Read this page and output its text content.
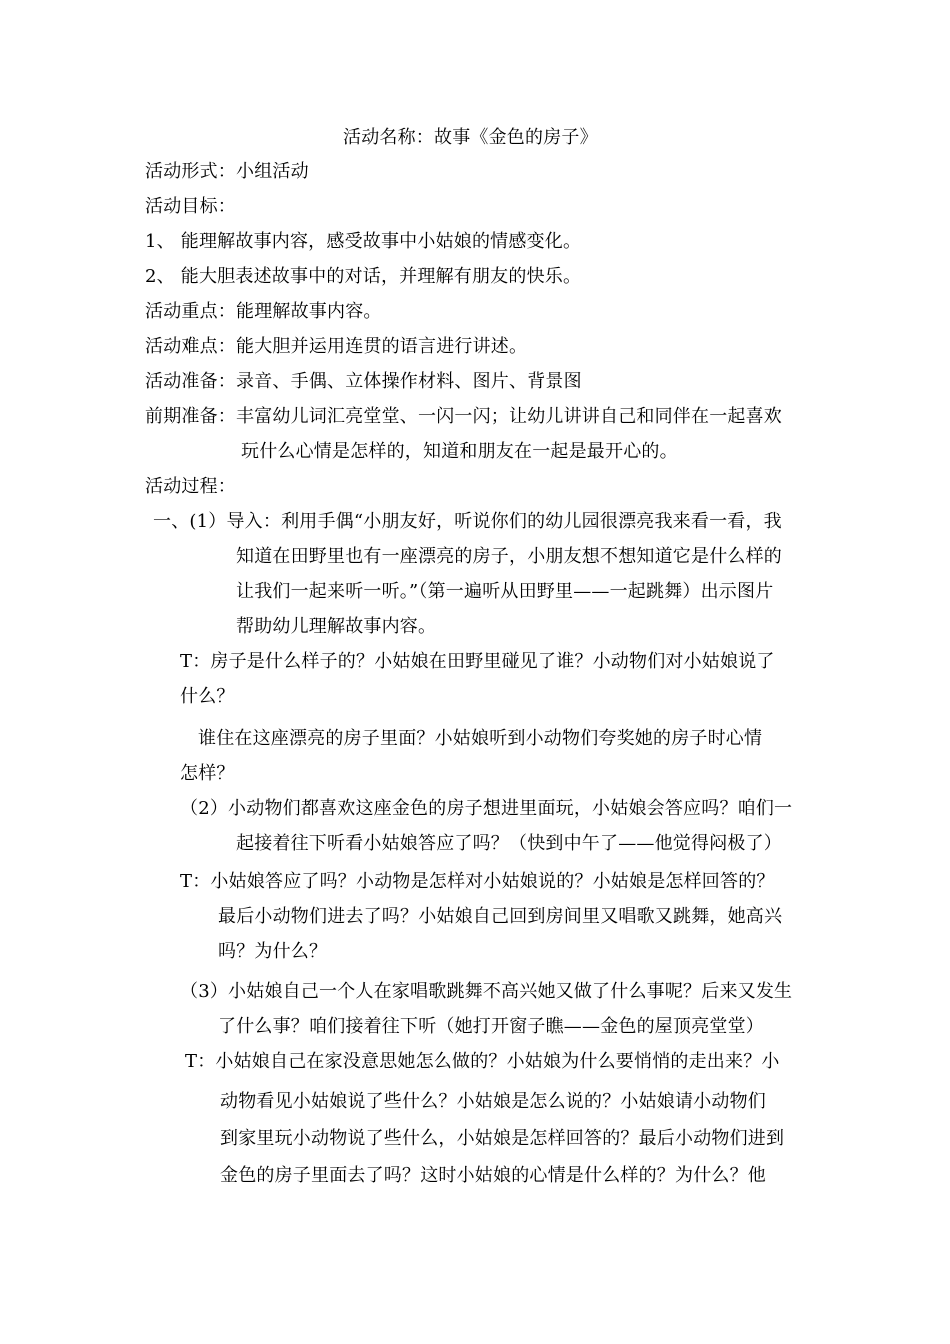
活动名称：故事《金色的房子》
活动形式：小组活动
活动目标：
1、 能理解故事内容，感受故事中小姑娘的情感变化。
2、 能大胆表述故事中的对话，并理解有朋友的快乐。
活动重点：能理解故事内容。
活动难点：能大胆并运用连贯的语言进行讲述。
活动准备：录音、手偶、立体操作材料、图片、背景图
前期准备：丰富幼儿词汇亮堂堂、一闪一闪；让幼儿讲讲自己和同伴在一起喜欢
玩什么心情是怎样的，知道和朋友在一起是最开心的。
活动过程：
一、(1）导入：利用手偶“小朋友好，听说你们的幼儿园很漂亮我来看一看，我
知道在田野里也有一座漂亮的房子，小朋友想不想知道它是什么样的
让我们一起来听一听。”（第一遍听从田野里——一起跳舞）出示图片
帮助幼儿理解故事内容。
T：房子是什么样子的？小姑娘在田野里碰见了谁？小动物们对小姑娘说了
什么？
谁住在这座漂亮的房子里面？小姑娘听到小动物们夸奖她的房子时心情
怎样？
（2）小动物们都喜欢这座金色的房子想进里面玩，小姑娘会答应吗？咱们一
起接着往下听看小姑娘答应了吗？（快到中午了——他觉得闷极了）
T：小姑娘答应了吗？小动物是怎样对小姑娘说的？小姑娘是怎样回答的？
最后小动物们进去了吗？小姑娘自己回到房间里又唱歌又跳舞，她高兴
吗？为什么？
（3）小姑娘自己一个人在家唱歌跳舞不高兴她又做了什么事呢？后来又发生
了什么事？咱们接着往下听（她打开窗子瞧——金色的屋顶亮堂堂）
T：小姑娘自己在家没意思她怎么做的？小姑娘为什么要悄悄的走出来？小
动物看见小姑娘说了些什么？小姑娘是怎么说的？小姑娘请小动物们
到家里玩小动物说了些什么，小姑娘是怎样回答的？最后小动物们进到
金色的房子里面去了吗？这时小姑娘的心情是什么样的？为什么？他
